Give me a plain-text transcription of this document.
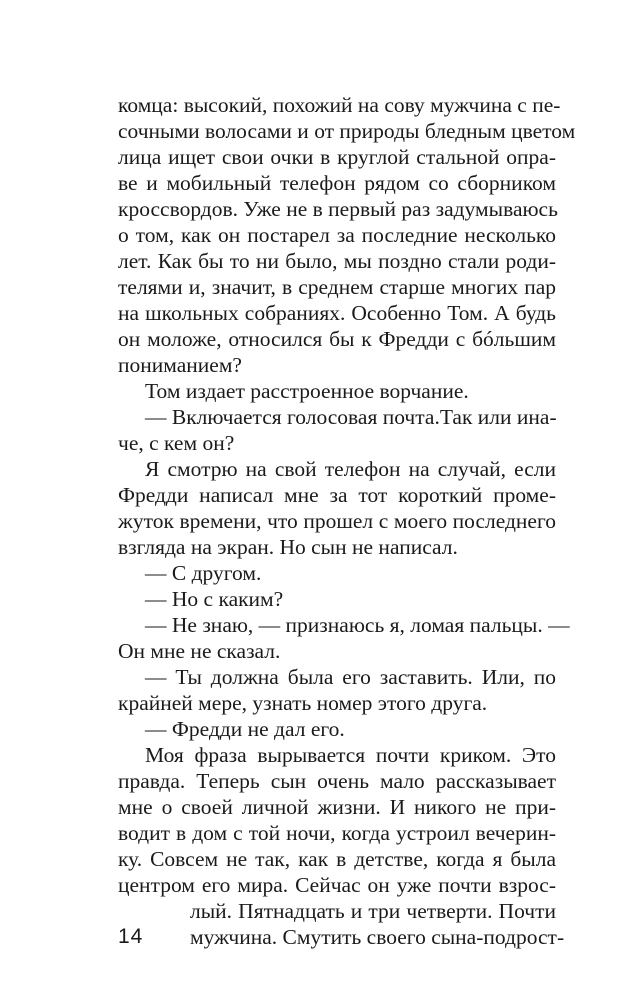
комца: высокий, похожий на сову мужчина с пе-
сочными волосами и от природы бледным цветом
лица ищет свои очки в круглой стальной опра-
ве и мобильный телефон рядом со сборником
кроссвордов. Уже не в первый раз задумываюсь
о том, как он постарел за последние несколько
лет. Как бы то ни было, мы поздно стали роди-
телями и, значит, в среднем старше многих пар
на школьных собраниях. Особенно Том. А будь
он моложе, относился бы к Фредди с бóльшим
пониманием?
Том издает расстроенное ворчание.
— Включается голосовая почта.Так или ина-
че, с кем он?
Я смотрю на свой телефон на случай, если
Фредди написал мне за тот короткий проме-
жуток времени, что прошел с моего последнего
взгляда на экран. Но сын не написал.
— С другом.
— Но с каким?
— Не знаю, — признаюсь я, ломая пальцы. —
Он мне не сказал.
— Ты должна была его заставить. Или, по
крайней мере, узнать номер этого друга.
— Фредди не дал его.
Моя фраза вырывается почти криком. Это
правда. Теперь сын очень мало рассказывает
мне о своей личной жизни. И никого не при-
водит в дом с той ночи, когда устроил вечерин-
ку. Совсем не так, как в детстве, когда я была
центром его мира. Сейчас он уже почти взрос-
лый. Пятнадцать и три четверти. Почти
мужчина. Смутить своего сына-подрост-
14
